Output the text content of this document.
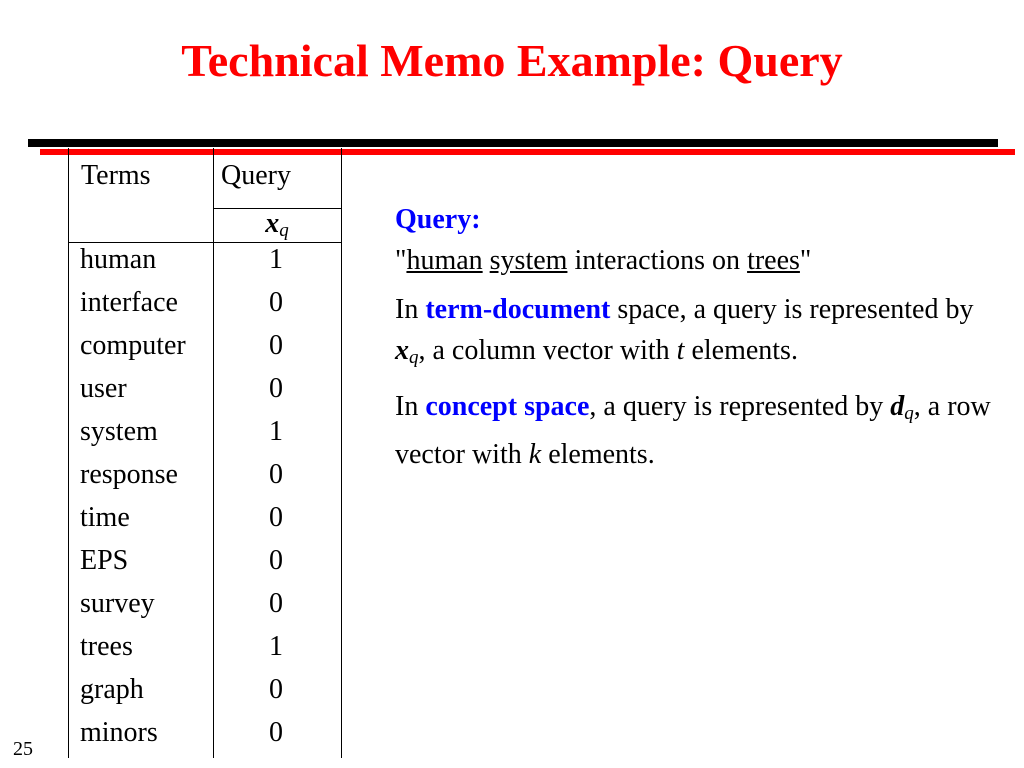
Technical Memo Example: Query
Terms	Query
$x_q$
human	1
interface	0
computer	0
user	0
system	1
response	0
time	0
EPS	0
survey	0
trees	1
graph	0
minors	0

Query:
"human system interactions on trees"

In term-document space, a query is represented by xq, a column vector with t elements.

In concept space, a query is represented by dq, a row vector with k elements.

25
